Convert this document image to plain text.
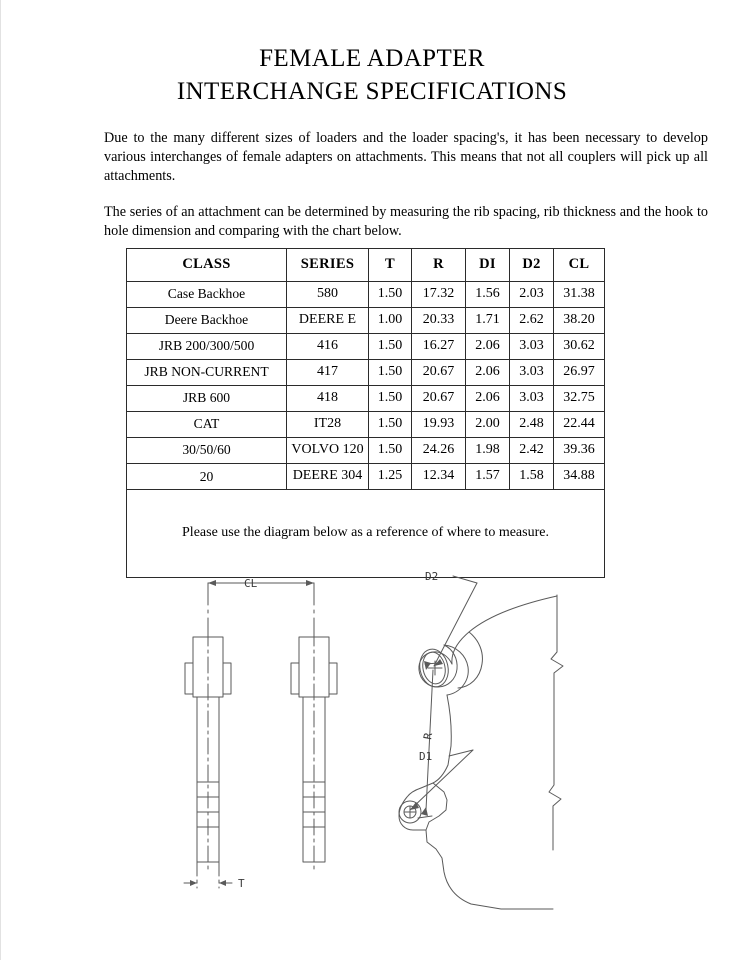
FEMALE ADAPTER
INTERCHANGE SPECIFICATIONS

Due to the many different sizes of loaders and the loader spacing's, it has been necessary to develop various interchanges of female adapters on attachments. This means that not all couplers will pick up all attachments.

The series of an attachment can be determined by measuring the rib spacing, rib thickness and the hook to hole dimension and comparing with the chart below.

CLASS	SERIES	T	R	DI	D2	CL
Case Backhoe	580	1.50	17.32	1.56	2.03	31.38
Deere Backhoe	DEERE E	1.00	20.33	1.71	2.62	38.20
JRB 200/300/500	416	1.50	16.27	2.06	3.03	30.62
JRB NON-CURRENT	417	1.50	20.67	2.06	3.03	26.97
JRB 600	418	1.50	20.67	2.06	3.03	32.75
CAT	IT28	1.50	19.93	2.00	2.48	22.44
30/50/60	VOLVO 120	1.50	24.26	1.98	2.42	39.36
20	DEERE 304	1.25	12.34	1.57	1.58	34.88
Please use the diagram below as a reference of where to measure.						
CL
T
D2
D1
R
